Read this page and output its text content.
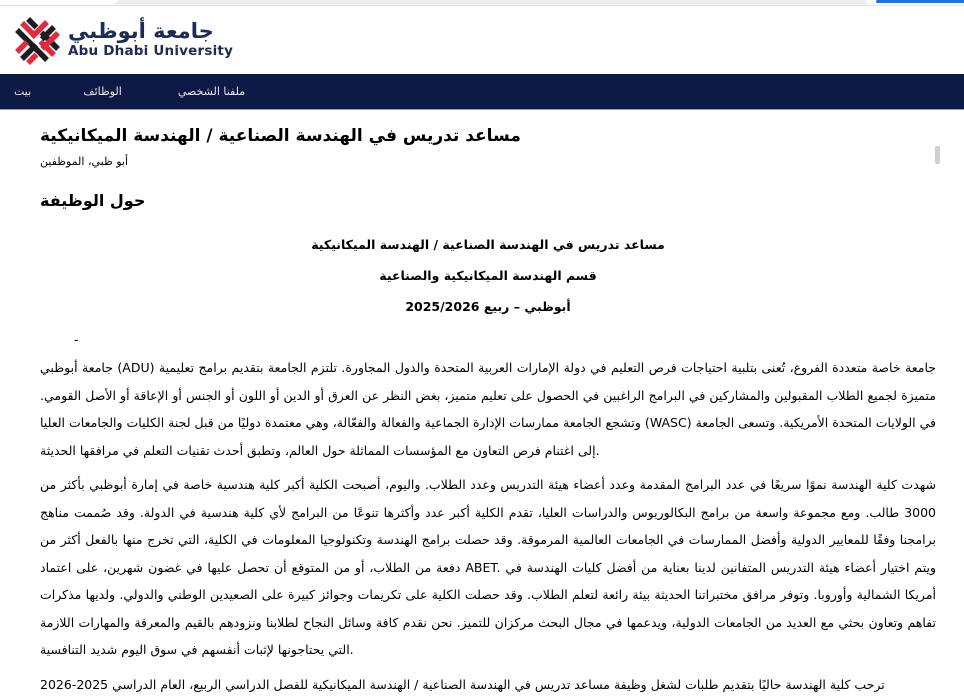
جامعة أبوظبي
Abu Dhabi University
بيت	الوظائف	ملفنا الشخصي
مساعد تدريس في الهندسة الصناعية / الهندسة الميكانيكية
أبو ظبي، الموظفين
حول الوظيفة
مساعد تدريس في الهندسة الصناعية / الهندسة الميكانيكية
قسم الهندسة الميكانيكية والصناعية
أبوظبي – ربيع 2025/2026
-

جامعة أبوظبي (ADU) جامعة خاصة متعددة الفروع، تُعنى بتلبية احتياجات فرص التعليم في دولة الإمارات العربية المتحدة والدول المجاورة. تلتزم الجامعة بتقديم برامج تعليمية متميزة لجميع الطلاب المقبولين والمشاركين في البرامج الراغبين في الحصول على تعليم متميز، بغض النظر عن العرق أو الدين أو اللون أو الجنس أو الإعاقة أو الأصل القومي. وتشجع الجامعة ممارسات الإدارة الجماعية والفعالة والفعّالة، وهي معتمدة دوليًا من قبل لجنة الكليات والجامعات العليا (WASC) في الولايات المتحدة الأمريكية. وتسعى الجامعة إلى اغتنام فرص التعاون مع المؤسسات المماثلة حول العالم، وتطبق أحدث تقنيات التعلم في مرافقها الحديثة.

شهدت كلية الهندسة نموًا سريعًا في عدد البرامج المقدمة وعدد أعضاء هيئة التدريس وعدد الطلاب. واليوم، أصبحت الكلية أكبر كلية هندسية خاصة في إمارة أبوظبي بأكثر من 3000 طالب. ومع مجموعة واسعة من برامج البكالوريوس والدراسات العليا، تقدم الكلية أكبر عدد وأكثرها تنوعًا من البرامج لأي كلية هندسية في الدولة. وقد صُممت مناهج برامجنا وفقًا للمعايير الدولية وأفضل الممارسات في الجامعات العالمية المرموقة. وقد حصلت برامج الهندسة وتكنولوجيا المعلومات في الكلية، التي تخرج منها بالفعل أكثر من دفعة من الطلاب، أو من المتوقع أن تحصل عليها في غضون شهرين، على اعتماد ABET. ويتم اختيار أعضاء هيئة التدريس المتفانين لدينا بعناية من أفضل كليات الهندسة في أمريكا الشمالية وأوروبا. وتوفر مرافق مختبراتنا الحديثة بيئة رائعة لتعلم الطلاب. وقد حصلت الكلية على تكريمات وجوائز كبيرة على الصعيدين الوطني والدولي. ولديها مذكرات تفاهم وتعاون بحثي مع العديد من الجامعات الدولية، ويدعمها في مجال البحث مركزان للتميز. نحن نقدم كافة وسائل النجاح لطلابنا ونزودهم بالقيم والمعرفة والمهارات اللازمة التي يحتاجونها لإثبات أنفسهم في سوق اليوم شديد التنافسية.

ترحب كلية الهندسة حاليًا بتقديم طلبات لشغل وظيفة مساعد تدريس في الهندسة الصناعية / الهندسة الميكانيكية للفصل الدراسي الربيع، العام الدراسي 2025-2026
